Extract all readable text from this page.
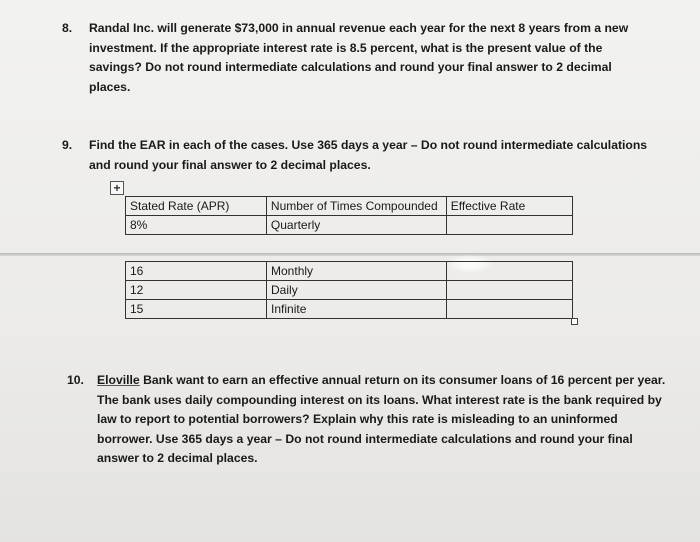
8. Randal Inc. will generate $73,000 in annual revenue each year for the next 8 years from a new investment. If the appropriate interest rate is 8.5 percent, what is the present value of the savings? Do not round intermediate calculations and round your final answer to 2 decimal places.
9. Find the EAR in each of the cases. Use 365 days a year – Do not round intermediate calculations and round your final answer to 2 decimal places.
+
Stated Rate (APR)	Number of Times Compounded	Effective Rate
8%	Quarterly	
16	Monthly	
12	Daily	
15	Infinite	
10. Eloville Bank want to earn an effective annual return on its consumer loans of 16 percent per year. The bank uses daily compounding interest on its loans. What interest rate is the bank required by law to report to potential borrowers? Explain why this rate is misleading to an uninformed borrower. Use 365 days a year – Do not round intermediate calculations and round your final answer to 2 decimal places.
